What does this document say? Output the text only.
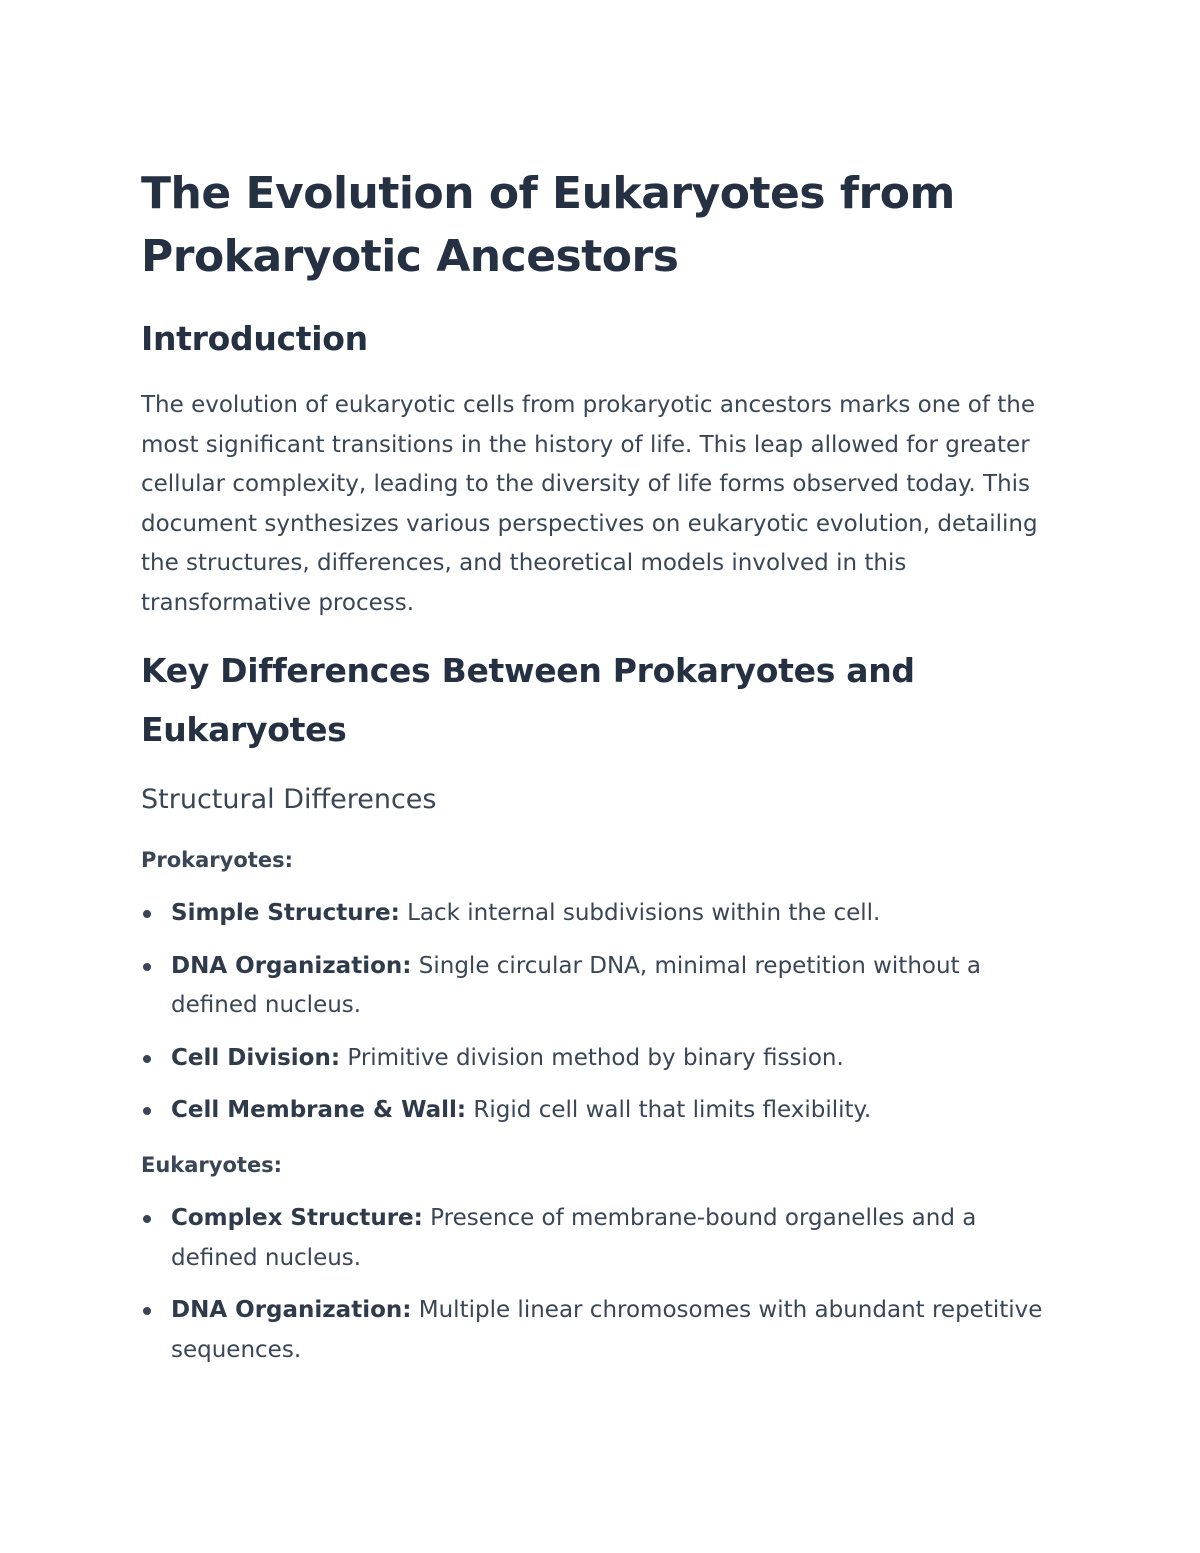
The Evolution of Eukaryotes from Prokaryotic Ancestors
Introduction

The evolution of eukaryotic cells from prokaryotic ancestors marks one of the most significant transitions in the history of life. This leap allowed for greater cellular complexity, leading to the diversity of life forms observed today. This document synthesizes various perspectives on eukaryotic evolution, detailing the structures, differences, and theoretical models involved in this transformative process.

Key Differences Between Prokaryotes and Eukaryotes
Structural Differences
Prokaryotes:
Simple Structure: Lack internal subdivisions within the cell.
DNA Organization: Single circular DNA, minimal repetition without a defined nucleus.
Cell Division: Primitive division method by binary fission.
Cell Membrane & Wall: Rigid cell wall that limits flexibility.
Eukaryotes:
Complex Structure: Presence of membrane-bound organelles and a defined nucleus.
DNA Organization: Multiple linear chromosomes with abundant repetitive sequences.
